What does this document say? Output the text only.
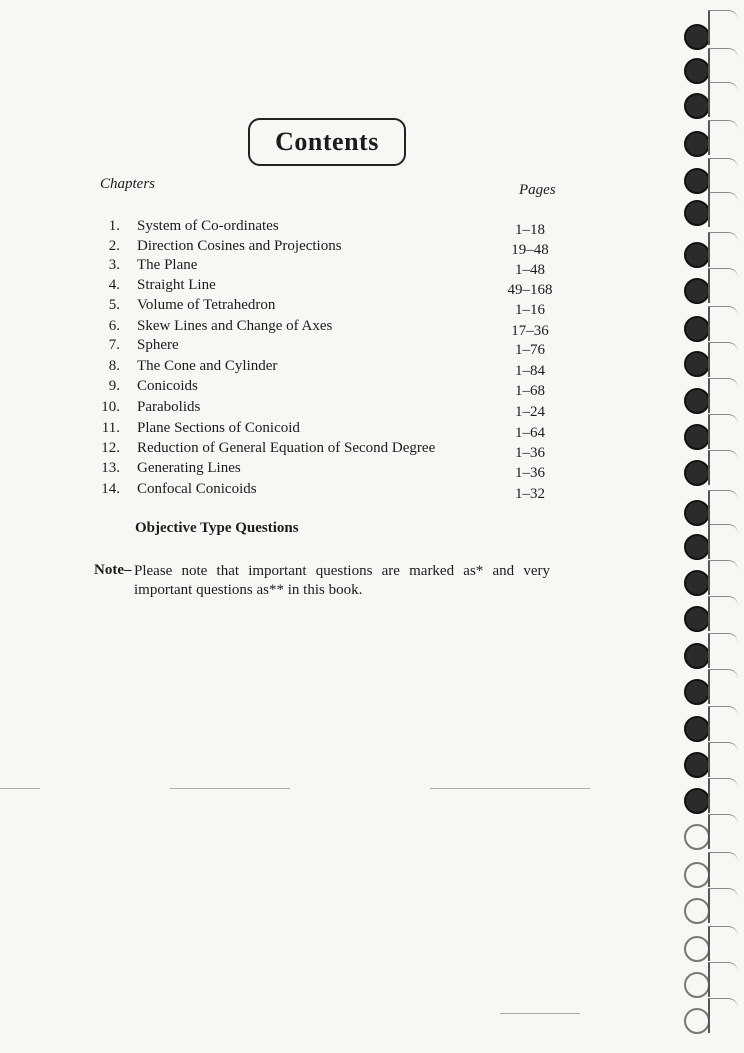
Contents
Chapters	Pages
1. System of Co-ordinates	1–18
2. Direction Cosines and Projections	19–48
3. The Plane	1–48
4. Straight Line	49–168
5. Volume of Tetrahedron	1–16
6. Skew Lines and Change of Axes	17–36
7. Sphere	1–76
8. The Cone and Cylinder	1–84
9. Conicoids	1–68
10. Parabolids	1–24
11. Plane Sections of Conicoid	1–64
12. Reduction of General Equation of Second Degree	1–36
13. Generating Lines	1–36
14. Confocal Conicoids	1–32
Objective Type Questions
Note– Please note that important questions are marked as* and very important questions as** in this book.
